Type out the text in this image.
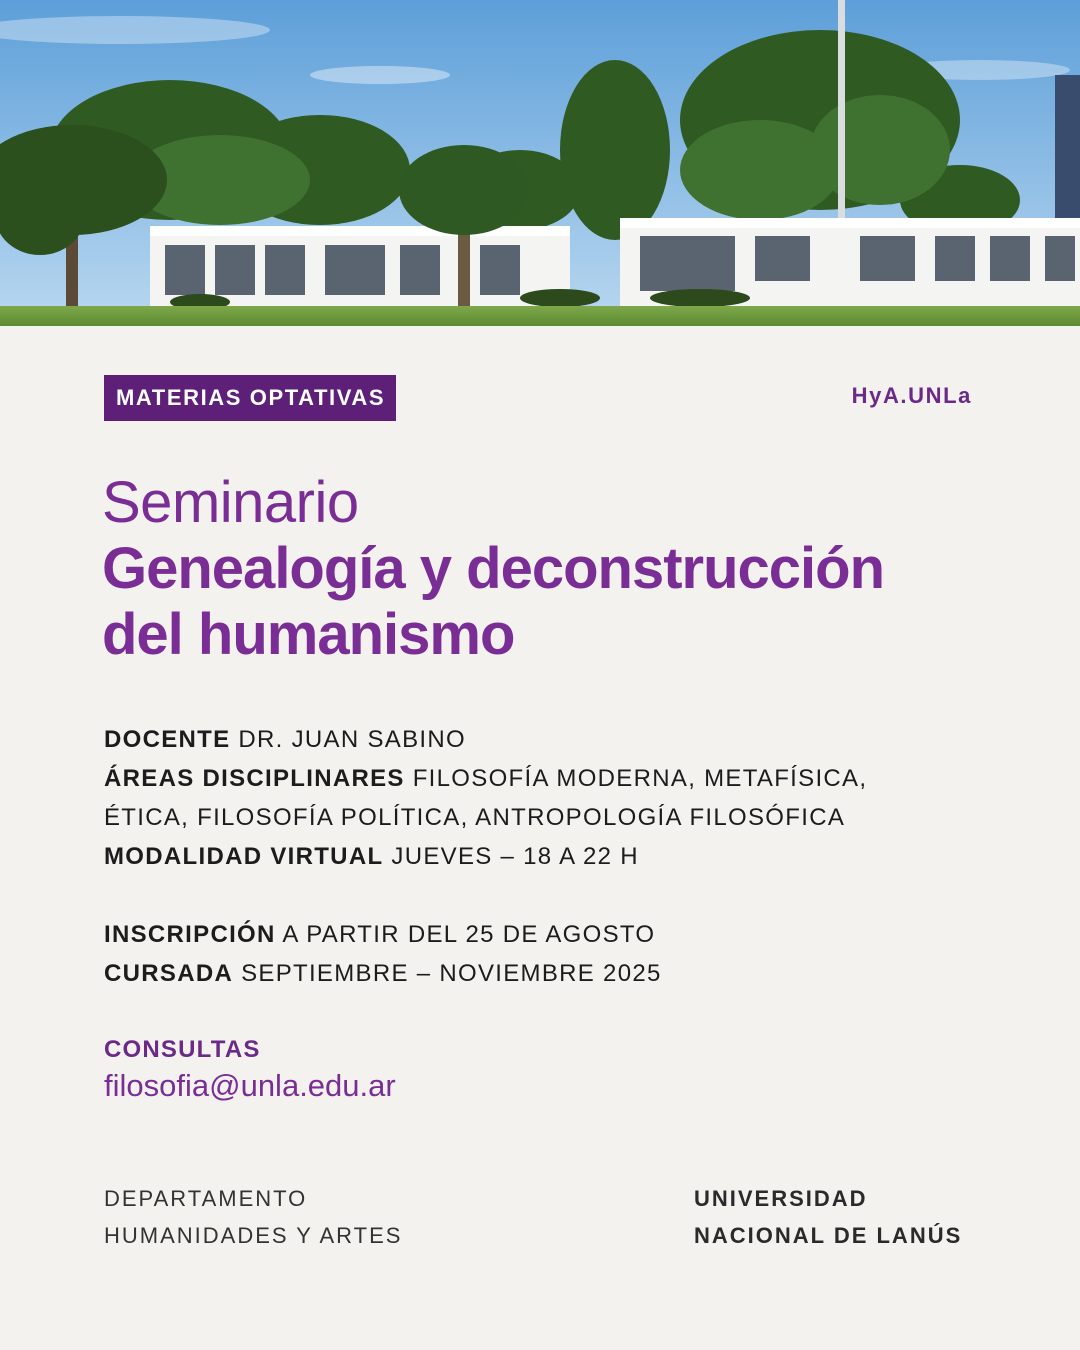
MATERIAS OPTATIVAS	HyA.UNLa
Seminario
Genealogía y deconstrucción
del humanismo
DOCENTE DR. JUAN SABINO
ÁREAS DISCIPLINARES FILOSOFÍA MODERNA, METAFÍSICA,
ÉTICA, FILOSOFÍA POLÍTICA, ANTROPOLOGÍA FILOSÓFICA
MODALIDAD VIRTUAL JUEVES – 18 A 22 H
INSCRIPCIÓN A PARTIR DEL 25 DE AGOSTO
CURSADA SEPTIEMBRE – NOVIEMBRE 2025
CONSULTAS
filosofia@unla.edu.ar
DEPARTAMENTO
HUMANIDADES Y ARTES
UNIVERSIDAD
NACIONAL DE LANÚS
